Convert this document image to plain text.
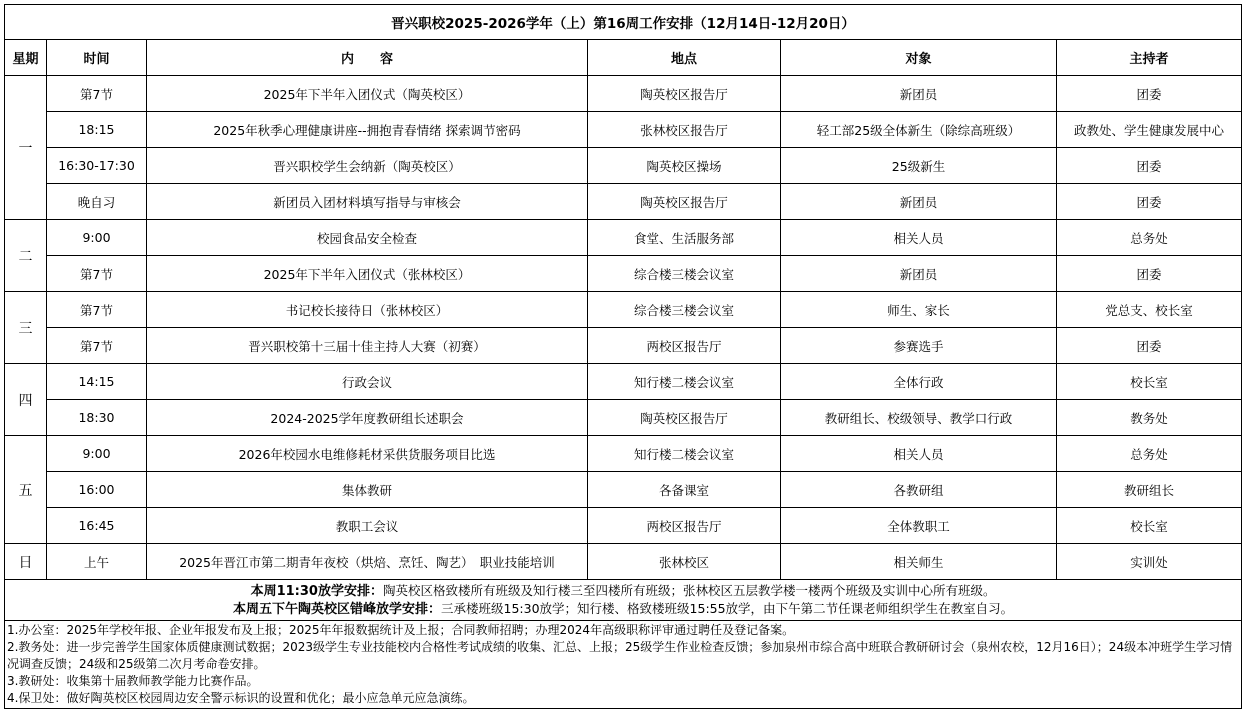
晋兴职校2025-2026学年（上）第16周工作安排（12月14日-12月20日）					
星期	时间	内　　容	地点	对象	主持者
一	第7节	2025年下半年入团仪式（陶英校区）	陶英校区报告厅	新团员	团委
	18:15	2025年秋季心理健康讲座--拥抱青春情绪 探索调节密码	张林校区报告厅	轻工部25级全体新生（除综高班级）	政教处、学生健康发展中心
	16:30-17:30	晋兴职校学生会纳新（陶英校区）	陶英校区操场	25级新生	团委
	晚自习	新团员入团材料填写指导与审核会	陶英校区报告厅	新团员	团委
二	9:00	校园食品安全检查	食堂、生活服务部	相关人员	总务处
	第7节	2025年下半年入团仪式（张林校区）	综合楼三楼会议室	新团员	团委
三	第7节	书记校长接待日（张林校区）	综合楼三楼会议室	师生、家长	党总支、校长室
	第7节	晋兴职校第十三届十佳主持人大赛（初赛）	两校区报告厅	参赛选手	团委
四	14:15	行政会议	知行楼二楼会议室	全体行政	校长室
	18:30	2024-2025学年度教研组长述职会	陶英校区报告厅	教研组长、校级领导、教学口行政	教务处
五	9:00	2026年校园水电维修耗材采供货服务项目比选	知行楼二楼会议室	相关人员	总务处
	16:00	集体教研	各备课室	各教研组	教研组长
	16:45	教职工会议	两校区报告厅	全体教职工	校长室
日	上午	2025年晋江市第二期青年夜校（烘焙、烹饪、陶艺）　职业技能培训	张林校区	相关师生	实训处

本周11:30放学安排：陶英校区格致楼所有班级及知行楼三至四楼所有班级；张林校区五层教学楼一楼两个班级及实训中心所有班级。
本周五下午陶英校区错峰放学安排：三承楼班级15:30放学；知行楼、格致楼班级15:55放学，由下午第二节任课老师组织学生在教室自习。					

1.办公室：2025年学校年报、企业年报发布及上报；2025年年报数据统计及上报；合同教师招聘；办理2024年高级职称评审通过聘任及登记备案。
2.教务处：进一步完善学生国家体质健康测试数据；2023级学生专业技能校内合格性考试成绩的收集、汇总、上报；25级学生作业检查反馈；参加泉州市综合高中班联合教研研讨会（泉州农校，12月16日）；24级本冲班学生学习情况调查反馈；24级和25级第二次月考命卷安排。
3.教研处：收集第十届教师教学能力比赛作品。
4.保卫处：做好陶英校区校园周边安全警示标识的设置和优化；最小应急单元应急演练。					
